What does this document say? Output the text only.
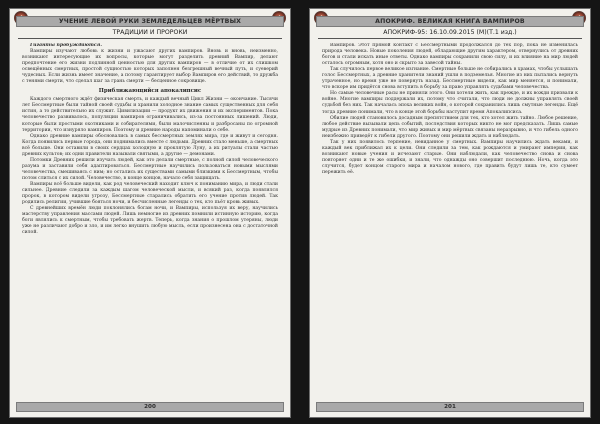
УЧЕНИЕ ЛЕВОЙ РУКИ ЗЕМЛЕДЕЛЬЦЕВ МЁРТВЫХ
ТРАДИЦИИ И ПРОРОКИ
Гиганты пробуждаются.

Вампиры изучают любовь к жизни и ужасают других вампиров. Вновь и вновь, неизменно, возникают интересующие их вопросы, которые могут разделить древний Вампир, делают предпочтение его жизни подлинной ценностью для других вампиров — в отличие от их слишком освещённых смертных, простой сущностью которых заполнен безгрешный вечный путь, и суеверий чудесных. Если жизнь имеет значение, а потому гарантирует выбор Вампиров его действий, то дружба с тенями смерти, что сделал шаг за грань смерти — бесценное сокровище.

Приближающийся апокалипсис

Каждого смертного ждёт физическая смерть, и каждый вечный Цикл Жизни — окончание. Тысячи лет Бессмертные были тайной своей судьбы и хранили холодное знание самых существенных для себя истин, а то действительно их служит. Цивилизации — продукт их движения и их экспериментов. Пока человечество развивалось, популяции вампиров ограничивались, из-за постоянных лишений. Люди, которые были простыми охотниками и собирателями, были малочисленны и разбросаны по огромной территории, что изнуряло вампиров. Поэтому и древние народы напоминали о себе.

Однако древние вампиры обосновались в самых бессмертных землях мира, где и живут и сегодня. Когда появились первые города, они поднимались вместе с людьми. Древних стало меньше, а смертных всё больше. Они оставили в своих сердцах холодную и проклятую Луну, а их ритуалы стали частью древних культов; их одни правители называли святыми, а другие — демонами.

Потомки Древних решили изучать людей, как это делали смертные, с полной силой человеческого разума и заставили себя адаптироваться. Бессмертные научились пользоваться новыми мыслями человечества, смешиваясь с ним; но остались их существами самыми близкими к Бессмертным, чтобы потом слиться с их силой. Человечество, в конце концов, начало себя защищать.

Вампиры всё больше видели, как род человеческий находит ключ к пониманию мира, и люди стали сильнее. Древние следили за каждым шагом человеческой мысли, и всякий раз, когда появлялся пророк, в котором видели угрозу, Бессмертные старались обратить его учение против людей. Так родились религии, учившие бояться ночи, и бесчисленные легенды о тех, кто пьёт кровь живых.

С древнейших времён люди поклонялись богам ночи, и Вампиры, используя их веру, научились мастерству управления массами людей. Лишь немногие из древних помнили истинную историю, когда боги являлись к смертным, чтобы требовать жертв. Теперь, когда знания о прошлом утеряны, люди уже не различают добро и зло, и им легко внушить любую мысль, если произнесена она с достаточной силой.

200
АПОКРИФ. ВЕЛИКАЯ КНИГА ВАМПИРОВ
АПОКРИФ-95: 16.10.09.2015 (М)(Т.1 изд.)

Вампиров. Этот прямой контакт с Бессмертными продолжался до тех пор, пока не изменилась природа человека. Новые поколения людей, обладающие другим характером, отвернулись от древних богов и стали искать иные ответы. Однако вампиры сохранили свою силу, и их влияние на мир людей осталось огромным, хотя оно и скрыто за завесой тайны.

Так случилось первое великое изгнание. Смертные больше не собирались в храмах, чтобы услышать голос Бессмертных, а древние хранители знаний ушли в подземелья. Многие из них пытались вернуть утраченное, но время уже не повернуть назад. Бессмертные видели, как мир меняется, и понимали, что вскоре им придётся снова вступить в борьбу за право управлять судьбами человечества.

Но самые человечные расы не приняли этого. Они хотели жить, как прежде, и их вожди призвали к войне. Многие вампиры поддержали их, потому что считали, что люди не должны управлять своей судьбой без них. Так началась эпоха великих войн, о которой сохранились лишь смутные легенды. Ещё тогда древние понимали, что в конце этой борьбы наступит время Апокалипсиса.

Обилие людей становилось досадным препятствием для тех, кто хотел жить тайно. Любое решение, любое действие вызывали цепь событий, последствия которых никто не мог предсказать. Лишь самые мудрые из Древних понимали, что мир живых и мир мёртвых связаны неразрывно, и что гибель одного неизбежно приведёт к гибели другого. Поэтому они решили ждать и наблюдать.

Так у них появилось терпение, невиданное у смертных. Вампиры научились ждать веками, и каждый век приближал их к цели. Они следили за тем, как рождаются и умирают империи, как возникают новые учения и исчезают старые. Они наблюдали, как человечество снова и снова повторяет одни и те же ошибки, и знали, что однажды оно совершит последнюю. Ночь, когда это случится, будет концом старого мира и началом нового, где править будут лишь те, кто сумеет пережить её.

201
